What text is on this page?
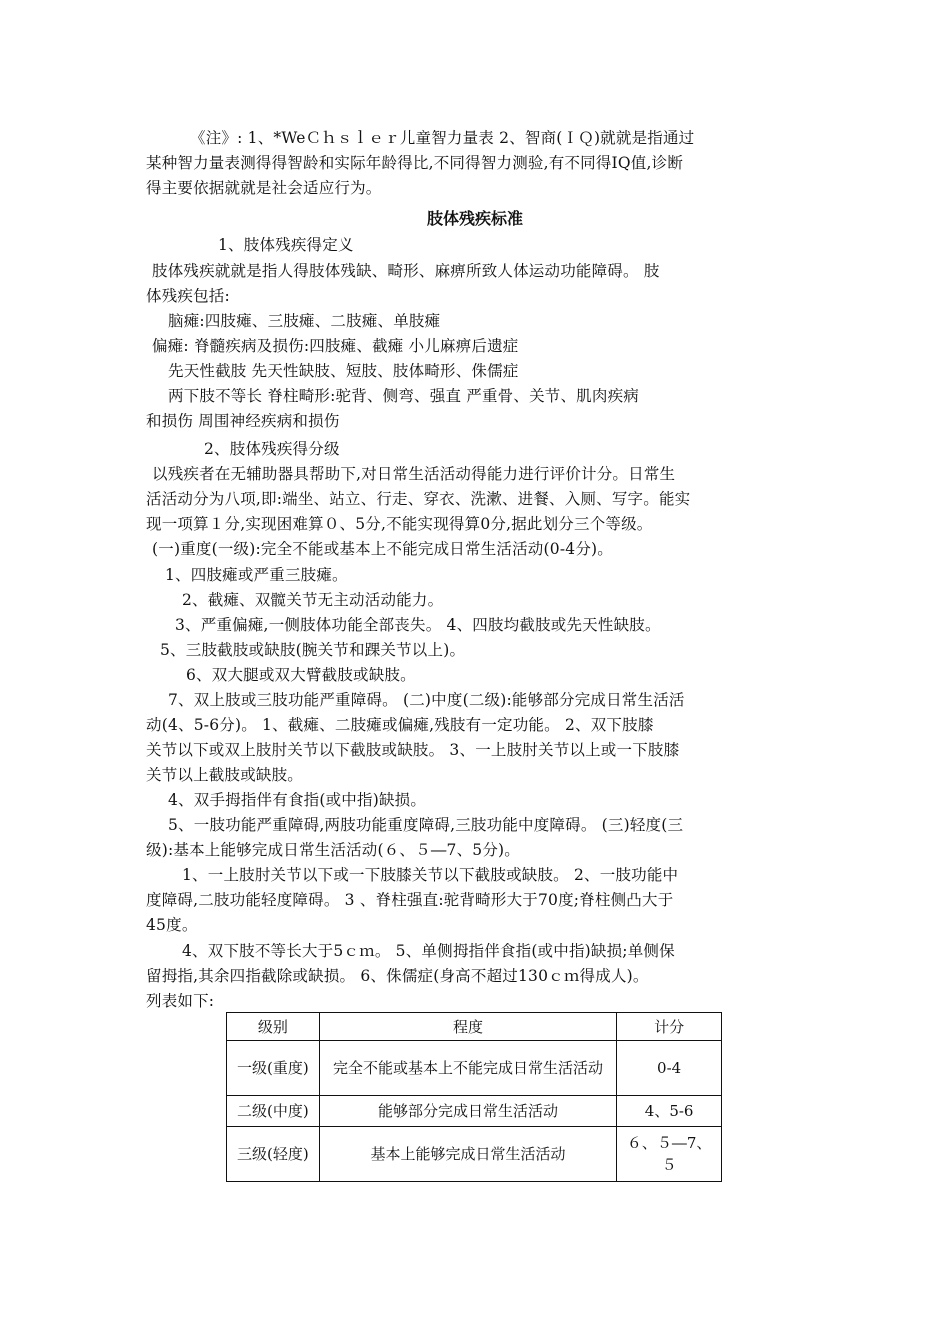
《注》: 1、*WeＣｈｓｌｅｒ儿童智力量表 2、智商(ＩＱ)就就是指通过
某种智力量表测得得智龄和实际年龄得比,不同得智力测验,有不同得IQ值,诊断
得主要依据就就是社会适应行为。
肢体残疾标准
1、肢体残疾得定义
肢体残疾就就是指人得肢体残缺、畸形、麻痹所致人体运动功能障碍。 肢
体残疾包括:
脑瘫:四肢瘫、三肢瘫、二肢瘫、单肢瘫
偏瘫: 脊髓疾病及损伤:四肢瘫、截瘫 小儿麻痹后遗症
先天性截肢 先天性缺肢、短肢、肢体畸形、侏儒症
两下肢不等长 脊柱畸形:驼背、侧弯、强直 严重骨、关节、肌肉疾病
和损伤 周围神经疾病和损伤
2、肢体残疾得分级
以残疾者在无辅助器具帮助下,对日常生活活动得能力进行评价计分。日常生
活活动分为八项,即:端坐、站立、行走、穿衣、洗漱、进餐、入厕、写字。能实
现一项算１分,实现困难算０、5分,不能实现得算0分,据此划分三个等级。
(一)重度(一级):完全不能或基本上不能完成日常生活活动(0-4分)。
1、四肢瘫或严重三肢瘫。
2、截瘫、双髋关节无主动活动能力。
3、严重偏瘫,一侧肢体功能全部丧失。 4、四肢均截肢或先天性缺肢。
5、三肢截肢或缺肢(腕关节和踝关节以上)。
6、双大腿或双大臂截肢或缺肢。
7、双上肢或三肢功能严重障碍。 (二)中度(二级):能够部分完成日常生活活
动(4、5-6分)。 1、截瘫、二肢瘫或偏瘫,残肢有一定功能。 2、双下肢膝
关节以下或双上肢肘关节以下截肢或缺肢。 3、一上肢肘关节以上或一下肢膝
关节以上截肢或缺肢。
4、双手拇指伴有食指(或中指)缺损。
5、一肢功能严重障碍,两肢功能重度障碍,三肢功能中度障碍。 (三)轻度(三
级):基本上能够完成日常生活活动(６、５―7、5分)。
1、一上肢肘关节以下或一下肢膝关节以下截肢或缺肢。 2、一肢功能中
度障碍,二肢功能轻度障碍。 3 、脊柱强直:驼背畸形大于70度;脊柱侧凸大于
45度。
4、双下肢不等长大于5ｃｍ。 5、单侧拇指伴食指(或中指)缺损;单侧保
留拇指,其余四指截除或缺损。 6、侏儒症(身高不超过130ｃｍ得成人)。
列表如下:
级别	程度	计分
一级(重度)	完全不能或基本上不能完成日常生活活动	0-4
二级(中度)	能够部分完成日常生活活动	4、5-6
三级(轻度)	基本上能够完成日常生活活动	６、５―7、５
